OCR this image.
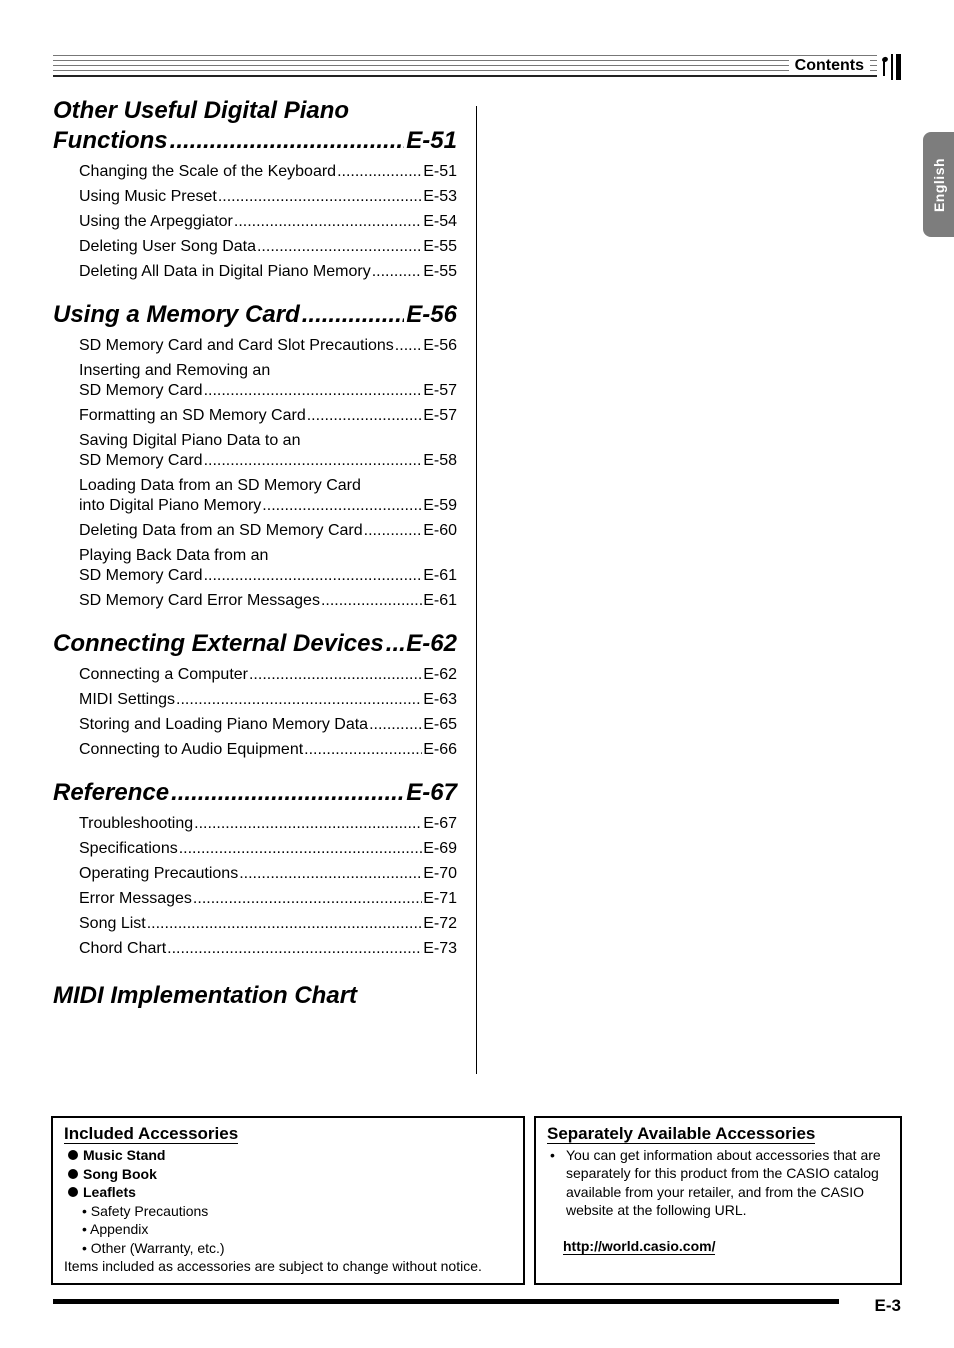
Contents
English
Other Useful Digital Piano
Functions .....	E-51
Changing the Scale of the Keyboard .....	E-51
Using Music Preset .....	E-53
Using the Arpeggiator .....	E-54
Deleting User Song Data .....	E-55
Deleting All Data in Digital Piano Memory .....	E-55
Using a Memory Card .....	E-56
SD Memory Card and Card Slot Precautions ..... E-56
Inserting and Removing an
SD Memory Card .....	E-57
Formatting an SD Memory Card .....	E-57
Saving Digital Piano Data to an
SD Memory Card .....	E-58
Loading Data from an SD Memory Card
into Digital Piano Memory .....	E-59
Deleting Data from an SD Memory Card .....	E-60
Playing Back Data from an
SD Memory Card .....	E-61
SD Memory Card Error Messages .....	E-61
Connecting External Devices ..... E-62
Connecting a Computer .....	E-62
MIDI Settings .....	E-63
Storing and Loading Piano Memory Data .....	E-65
Connecting to Audio Equipment .....	E-66
Reference .....	E-67
Troubleshooting .....	E-67
Specifications .....	E-69
Operating Precautions .....	E-70
Error Messages .....	E-71
Song List .....	E-72
Chord Chart .....	E-73
MIDI Implementation Chart
Included Accessories
Music Stand
Song Book
Leaflets
• Safety Precautions
• Appendix
• Other (Warranty, etc.)
Items included as accessories are subject to change without notice.
Separately Available Accessories
• You can get information about accessories that are separately for this product from the CASIO catalog available from your retailer, and from the CASIO website at the following URL.
http://world.casio.com/
E-3
